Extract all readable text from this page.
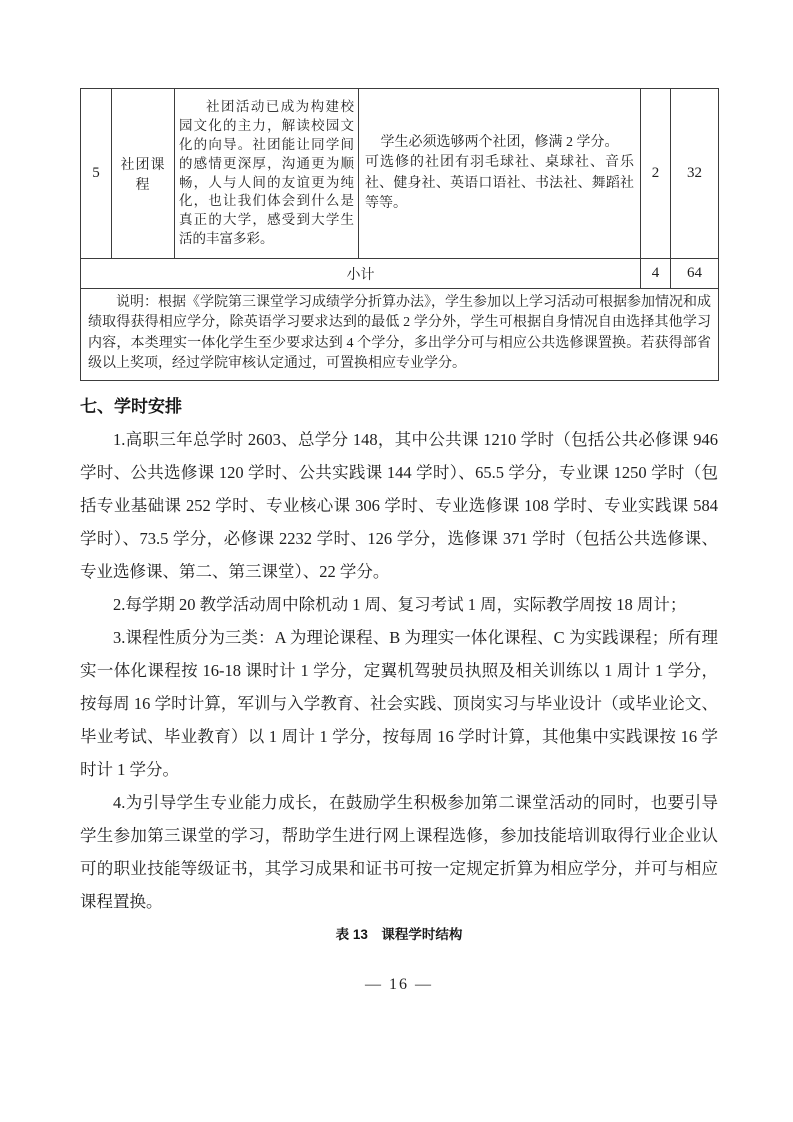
5	社团课程	社团活动已成为构建校园文化的主力，解读校园文化的向导。社团能让同学间的感情更深厚，沟通更为顺畅，人与人间的友谊更为纯化，也让我们体会到什么是真正的大学，感受到大学生活的丰富多彩。	学生必须选够两个社团，修满 2 学分。

可选修的社团有羽毛球社、桌球社、音乐社、健身社、英语口语社、书法社、舞蹈社等等。	2	32
小计				4	64

说明：根据《学院第三课堂学习成绩学分折算办法》，学生参加以上学习活动可根据参加情况和成绩取得获得相应学分，除英语学习要求达到的最低 2 学分外，学生可根据自身情况自由选择其他学习内容，本类理实一体化学生至少要求达到 4 个学分，多出学分可与相应公共选修课置换。若获得部省级以上奖项，经过学院审核认定通过，可置换相应专业学分。					
七、学时安排

1.高职三年总学时 2603、总学分 148，其中公共课 1210 学时（包括公共必修课 946 学时、公共选修课 120 学时、公共实践课 144 学时）、65.5 学分，专业课 1250 学时（包括专业基础课 252 学时、专业核心课 306 学时、专业选修课 108 学时、专业实践课 584 学时）、73.5 学分，必修课 2232 学时、126 学分，选修课 371 学时（包括公共选修课、专业选修课、第二、第三课堂）、22 学分。

2.每学期 20 教学活动周中除机动 1 周、复习考试 1 周，实际教学周按 18 周计；

3.课程性质分为三类：A 为理论课程、B 为理实一体化课程、C 为实践课程；所有理实一体化课程按 16-18 课时计 1 学分，定翼机驾驶员执照及相关训练以 1 周计 1 学分，按每周 16 学时计算，军训与入学教育、社会实践、顶岗实习与毕业设计（或毕业论文、毕业考试、毕业教育）以 1 周计 1 学分，按每周 16 学时计算，其他集中实践课按 16 学时计 1 学分。

4.为引导学生专业能力成长，在鼓励学生积极参加第二课堂活动的同时，也要引导学生参加第三课堂的学习，帮助学生进行网上课程选修，参加技能培训取得行业企业认可的职业技能等级证书，其学习成果和证书可按一定规定折算为相应学分，并可与相应课程置换。

表 13　课程学时结构
— 16 —
